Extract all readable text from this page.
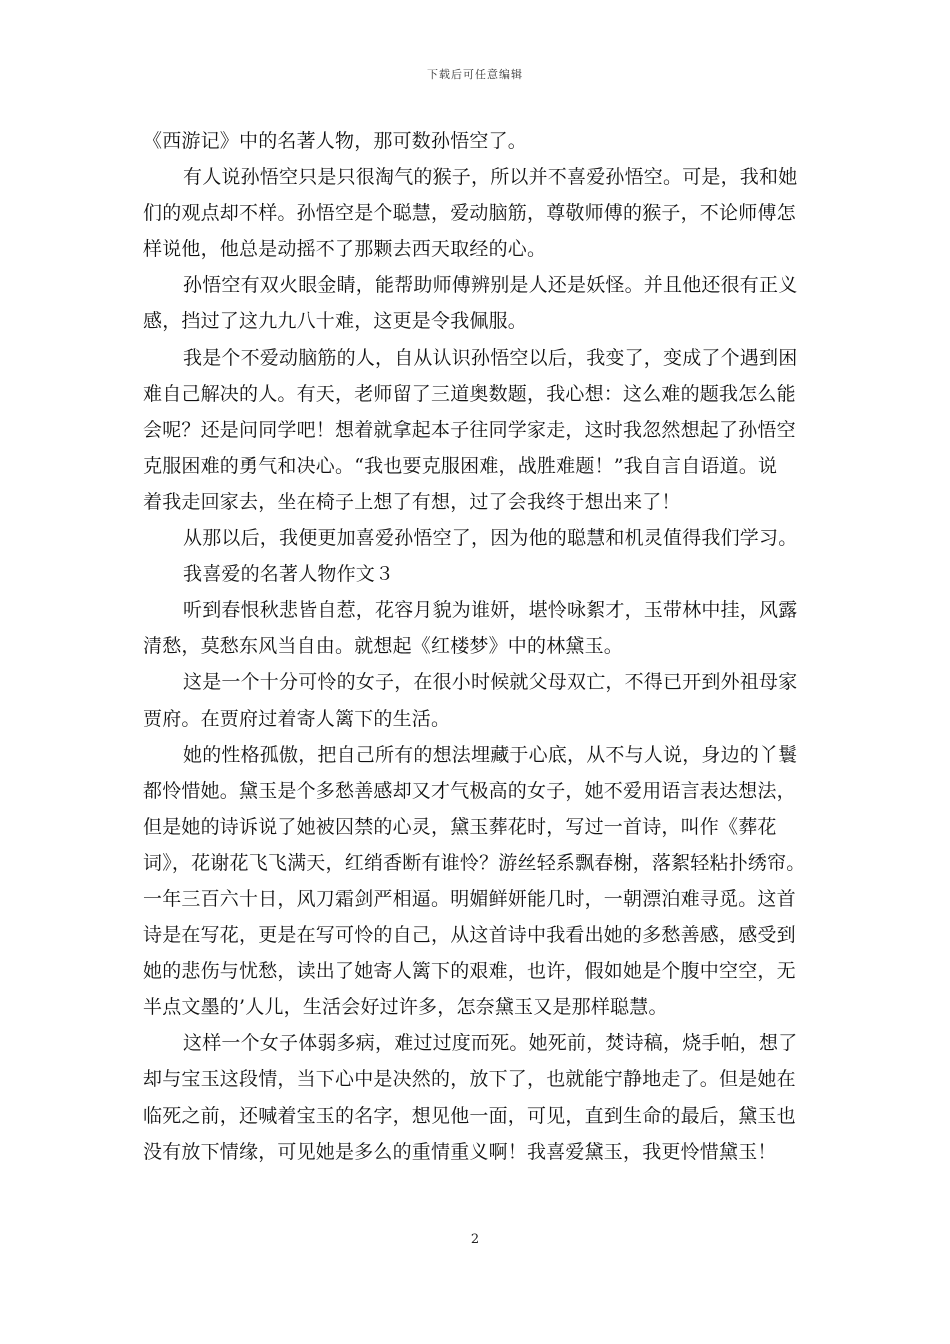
下载后可任意编辑
《西游记》中的名著人物，那可数孙悟空了。
有人说孙悟空只是只很淘气的猴子，所以并不喜爱孙悟空。可是，我和她
们的观点却不样。孙悟空是个聪慧，爱动脑筋，尊敬师傅的猴子，不论师傅怎
样说他，他总是动摇不了那颗去西天取经的心。
孙悟空有双火眼金睛，能帮助师傅辨别是人还是妖怪。并且他还很有正义
感，挡过了这九九八十难，这更是令我佩服。
我是个不爱动脑筋的人，自从认识孙悟空以后，我变了，变成了个遇到困
难自己解决的人。有天，老师留了三道奥数题，我心想：这么难的题我怎么能
会呢？还是问同学吧！想着就拿起本子往同学家走，这时我忽然想起了孙悟空
克服困难的勇气和决心。“我也要克服困难，战胜难题！”我自言自语道。说
着我走回家去，坐在椅子上想了有想，过了会我终于想出来了！
从那以后，我便更加喜爱孙悟空了，因为他的聪慧和机灵值得我们学习。
我喜爱的名著人物作文３
听到春恨秋悲皆自惹，花容月貌为谁妍，堪怜咏絮才，玉带林中挂，风露
清愁，莫愁东风当自由。就想起《红楼梦》中的林黛玉。
这是一个十分可怜的女子，在很小时候就父母双亡，不得已开到外祖母家
贾府。在贾府过着寄人篱下的生活。
她的性格孤傲，把自己所有的想法埋藏于心底，从不与人说，身边的丫鬟
都怜惜她。黛玉是个多愁善感却又才气极高的女子，她不爱用语言表达想法，
但是她的诗诉说了她被囚禁的心灵，黛玉葬花时，写过一首诗，叫作《葬花
词》，花谢花飞飞满天，红绡香断有谁怜？游丝轻系飘春榭，落絮轻粘扑绣帘。
一年三百六十日，风刀霜剑严相逼。明媚鲜妍能几时，一朝漂泊难寻觅。这首
诗是在写花，更是在写可怜的自己，从这首诗中我看出她的多愁善感，感受到
她的悲伤与忧愁，读出了她寄人篱下的艰难，也许，假如她是个腹中空空，无
半点文墨的’人儿，生活会好过许多，怎奈黛玉又是那样聪慧。
这样一个女子体弱多病，难过过度而死。她死前，焚诗稿，烧手帕，想了
却与宝玉这段情，当下心中是决然的，放下了，也就能宁静地走了。但是她在
临死之前，还喊着宝玉的名字，想见他一面，可见，直到生命的最后，黛玉也
没有放下情缘，可见她是多么的重情重义啊！我喜爱黛玉，我更怜惜黛玉！
2
